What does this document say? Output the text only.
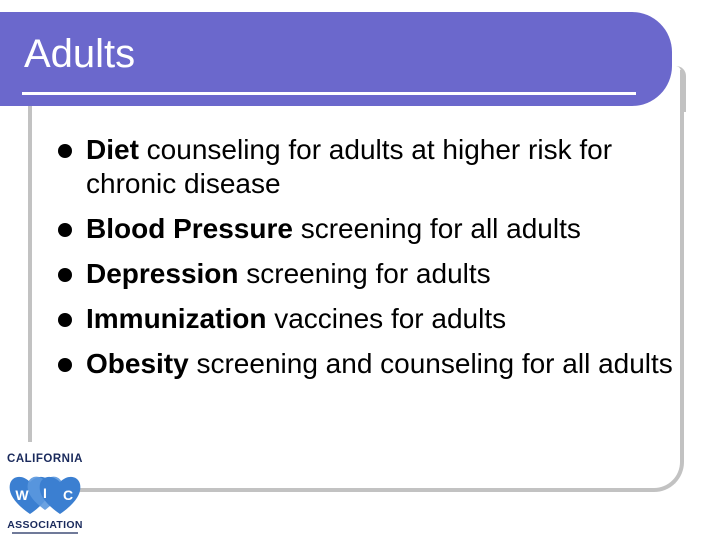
Adults
Diet counseling for adults at higher risk for chronic disease
Blood Pressure screening for all adults
Depression screening for adults
Immunization vaccines for adults
Obesity screening and counseling for all adults
CALIFORNIA
W I C
ASSOCIATION
